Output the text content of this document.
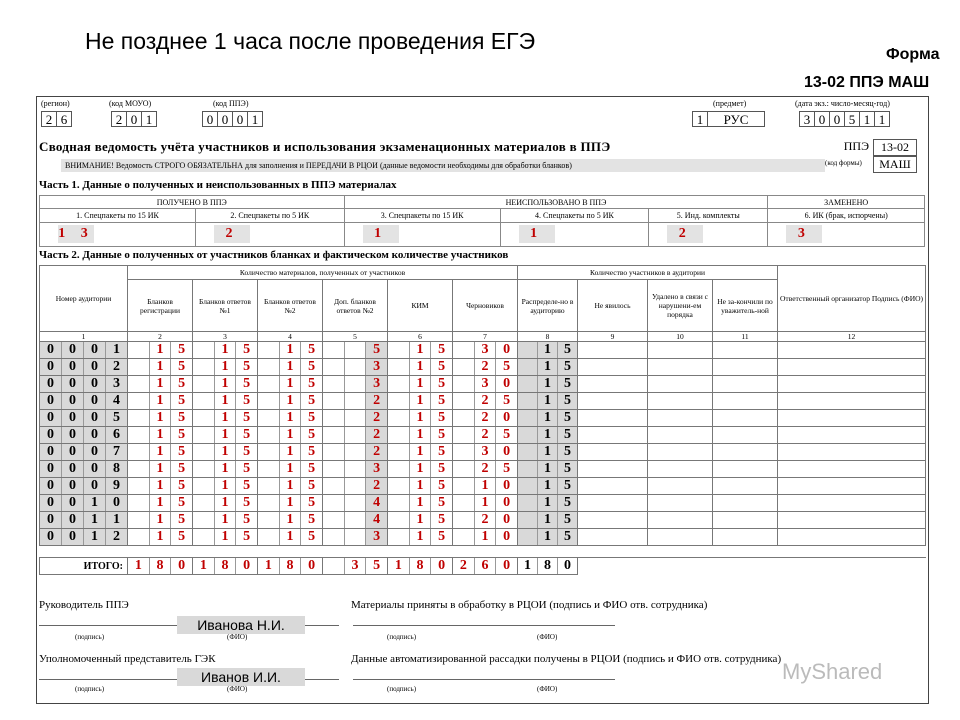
Не позднее 1 часа после проведения ЕГЭ
Форма
13-02 ППЭ МАШ
(регион)	(код МОУО)	(код ППЭ)	(предмет)	(дата экз.: число-месяц-год)
2 6	2 0 1	0 0 0 1	1	РУС	3 0 0 5 1 1
Сводная ведомость учёта участников и использования экзаменационных материалов в ППЭ
ВНИМАНИЕ! Ведомость СТРОГО ОБЯЗАТЕЛЬНА для заполнения и ПЕРЕДАЧИ В РЦОИ (данные ведомости необходимы для обработки бланков)
ППЭ	13-02
(код формы)	МАШ
Часть 1. Данные о полученных и неиспользованных в ППЭ материалах
ПОЛУЧЕНО В ППЭ		НЕИСПОЛЬЗОВАНО В ППЭ			ЗАМЕНЕНО
1. Спецпакеты по 15 ИК	2. Спецпакеты по 5 ИК	3. Спецпакеты по 15 ИК	4. Спецпакеты по 5 ИК	5. Инд. комплекты	6. ИК (брак, испорчены)
1 3	2	1	1	2	3
Часть 2. Данные о полученных от участников бланках и фактическом количестве участников
Номер аудитории	Количество материалов, полученных от участников						Количество участников в аудитории				Ответственный организатор Подпись (ФИО)
	Бланков регистрации	Бланков ответов №1	Бланков ответов №2	Доп. бланков ответов №2	КИМ	Черновиков	Распределе-но в аудиторию	Не явилось	Удалено в связи с нарушени-ем порядка	Не за-кончили по уважитель-ной	
1	2	3	4	5	6	7	8	9	10	11	12

0 0 0 1	1 5	1 5	1 5	5	1 5	3 0	1 5				

0 0 0 2	1 5	1 5	1 5	3	1 5	2 5	1 5				

0 0 0 3	1 5	1 5	1 5	3	1 5	3 0	1 5				

0 0 0 4	1 5	1 5	1 5	2	1 5	2 5	1 5				

0 0 0 5	1 5	1 5	1 5	2	1 5	2 0	1 5				

0 0 0 6	1 5	1 5	1 5	2	1 5	2 5	1 5				

0 0 0 7	1 5	1 5	1 5	2	1 5	3 0	1 5				

0 0 0 8	1 5	1 5	1 5	3	1 5	2 5	1 5				

0 0 0 9	1 5	1 5	1 5	2	1 5	1 0	1 5				

0 0 1 0	1 5	1 5	1 5	4	1 5	1 0	1 5				

0 0 1 1	1 5	1 5	1 5	4	1 5	2 0	1 5				

0 0 1 2	1 5	1 5	1 5	3	1 5	1 0	1 5				

ИТОГО:	1 8 0	1 8 0	1 8 0	3 5	1 8 0	2 6 0	1 8 0				

Руководитель ППЭ	Материалы приняты в обработку в РЦОИ (подпись и ФИО отв. сотрудника)
Иванова Н.И.
(подпись)	(ФИО)	(подпись)	(ФИО)
Уполномоченный представитель ГЭК	Данные автоматизированной рассадки получены в РЦОИ (подпись и ФИО отв. сотрудника)
Иванов И.И.
(подпись)	(ФИО)	(подпись)	(ФИО)
MyShared
